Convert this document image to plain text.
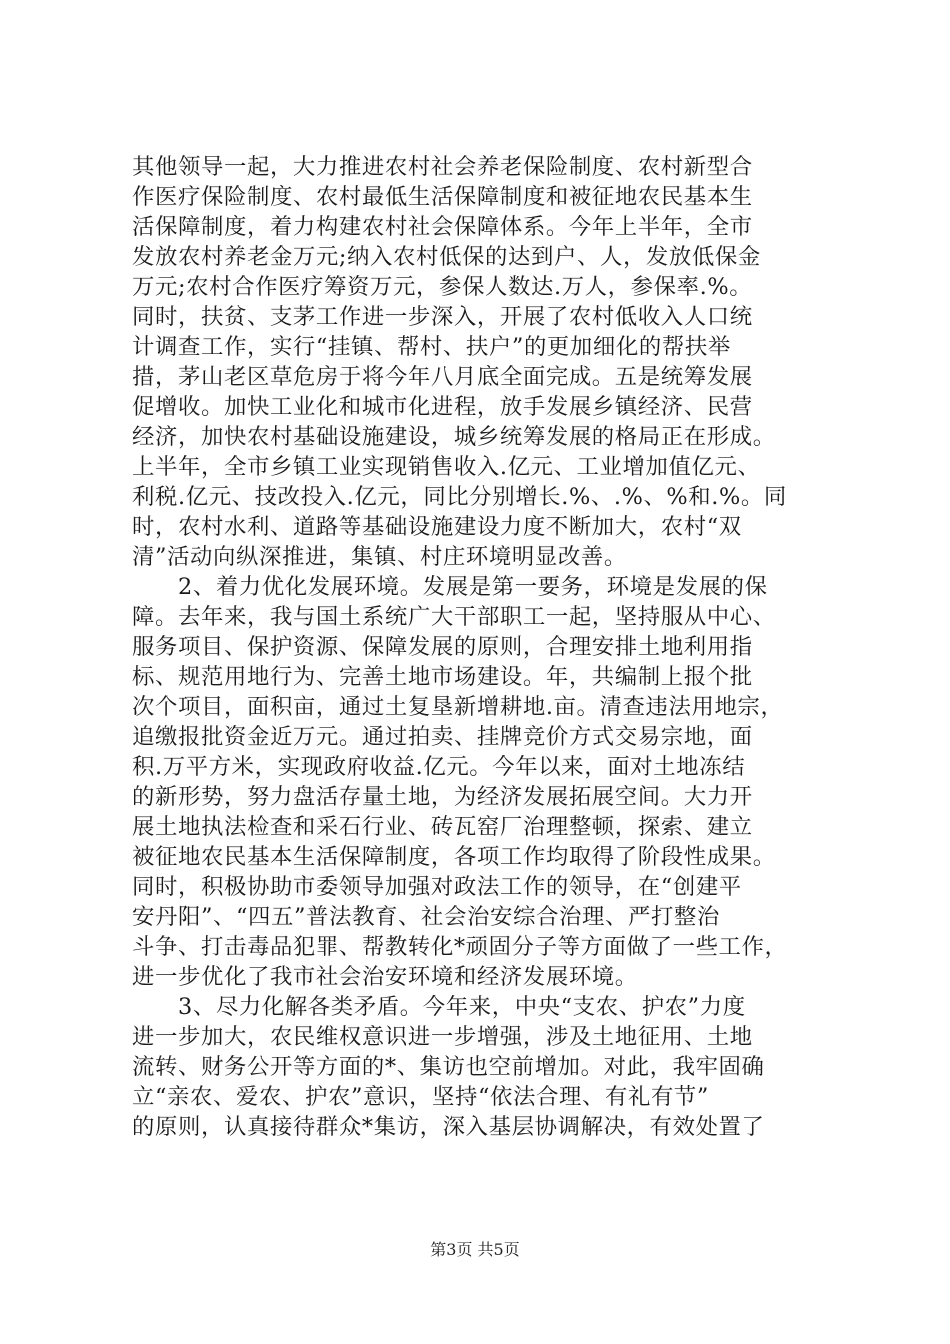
其他领导一起，大力推进农村社会养老保险制度、农村新型合
作医疗保险制度、农村最低生活保障制度和被征地农民基本生
活保障制度，着力构建农村社会保障体系。今年上半年，全市
发放农村养老金万元;纳入农村低保的达到户、人，发放低保金
万元;农村合作医疗筹资万元，参保人数达.万人，参保率.%。
同时，扶贫、支茅工作进一步深入，开展了农村低收入人口统
计调查工作，实行“挂镇、帮村、扶户”的更加细化的帮扶举
措，茅山老区草危房于将今年八月底全面完成。五是统筹发展
促增收。加快工业化和城市化进程，放手发展乡镇经济、民营
经济，加快农村基础设施建设，城乡统筹发展的格局正在形成。
上半年，全市乡镇工业实现销售收入.亿元、工业增加值亿元、
利税.亿元、技改投入.亿元，同比分别增长.%、.%、%和.%。同
时，农村水利、道路等基础设施建设力度不断加大，农村“双
清”活动向纵深推进，集镇、村庄环境明显改善。
　　2、着力优化发展环境。发展是第一要务，环境是发展的保
障。去年来，我与国土系统广大干部职工一起，坚持服从中心、
服务项目、保护资源、保障发展的原则，合理安排土地利用指
标、规范用地行为、完善土地市场建设。年，共编制上报个批
次个项目，面积亩，通过土复垦新增耕地.亩。清查违法用地宗，
追缴报批资金近万元。通过拍卖、挂牌竞价方式交易宗地，面
积.万平方米，实现政府收益.亿元。今年以来，面对土地冻结
的新形势，努力盘活存量土地，为经济发展拓展空间。大力开
展土地执法检查和采石行业、砖瓦窑厂治理整顿，探索、建立
被征地农民基本生活保障制度，各项工作均取得了阶段性成果。
同时，积极协助市委领导加强对政法工作的领导，在“创建平
安丹阳”、“四五”普法教育、社会治安综合治理、严打整治
斗争、打击毒品犯罪、帮教转化*顽固分子等方面做了一些工作，
进一步优化了我市社会治安环境和经济发展环境。
　　3、尽力化解各类矛盾。今年来，中央“支农、护农”力度
进一步加大，农民维权意识进一步增强，涉及土地征用、土地
流转、财务公开等方面的*、集访也空前增加。对此，我牢固确
立“亲农、爱农、护农”意识，坚持“依法合理、有礼有节”
的原则，认真接待群众*集访，深入基层协调解决，有效处置了
第3页 共5页
